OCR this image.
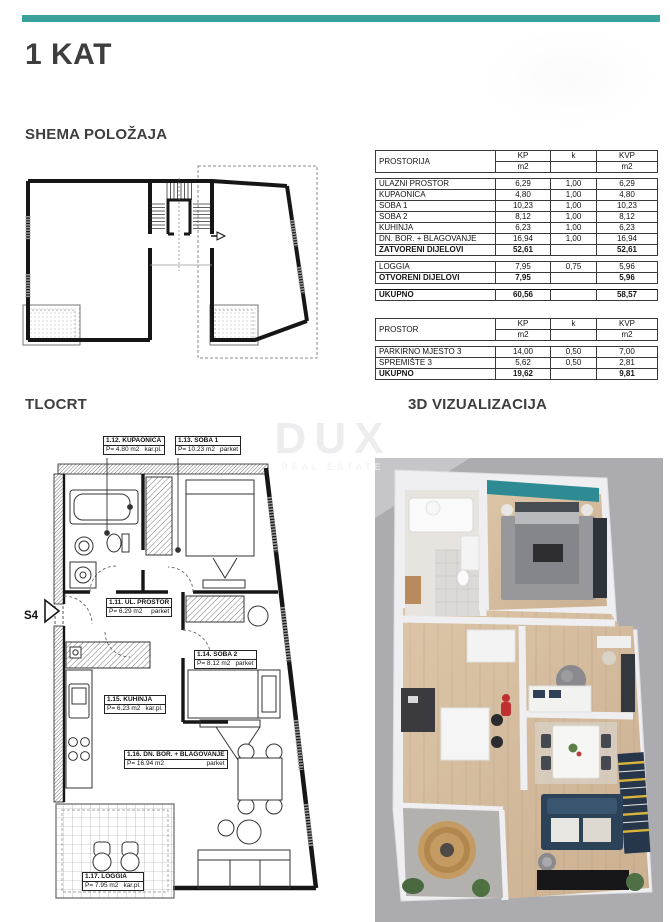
1 KAT
SHEMA POLOŽAJA
TLOCRT	3D VIZUALIZACIJA
DUX
REAL ESTATE
PROSTORIJA	KP	k	KVP
	m2		m2
ULAZNI PROSTOR	6,29	1,00	6,29
KUPAONICA	4,80	1,00	4,80
SOBA 1	10,23	1,00	10,23
SOBA 2	8,12	1,00	8,12
KUHINJA	6,23	1,00	6,23
DN. BOR. + BLAGOVANJE	16,94	1,00	16,94
ZATVORENI DIJELOVI	52,61		52,61
LOGGIA	7,95	0,75	5,96
OTVORENI DIJELOVI	7,95		5,96
UKUPNO	60,56		58,57
PROSTOR	KP	k	KVP
	m2		m2
PARKIRNO MJESTO 3	14,00	0,50	7,00
SPREMIŠTE 3	5,62	0,50	2,81
UKUPNO	19,62		9,81
S4
1.12. KUPAONICA
P= 4.80 m2 kar.pl.
1.13. SOBA 1
P= 10.23 m2 parket
1.11. UL. PROSTOR
P= 6.29 m2 parket
1.14. SOBA 2
P= 8.12 m2 parket
1.15. KUHINJA
P= 6.23 m2 kar.pl.
1.16. DN. BOR. + BLAGOVANJE
P= 16.94 m2	parket
1.17. LOGGIA
P= 7.95 m2 kar.pl.
